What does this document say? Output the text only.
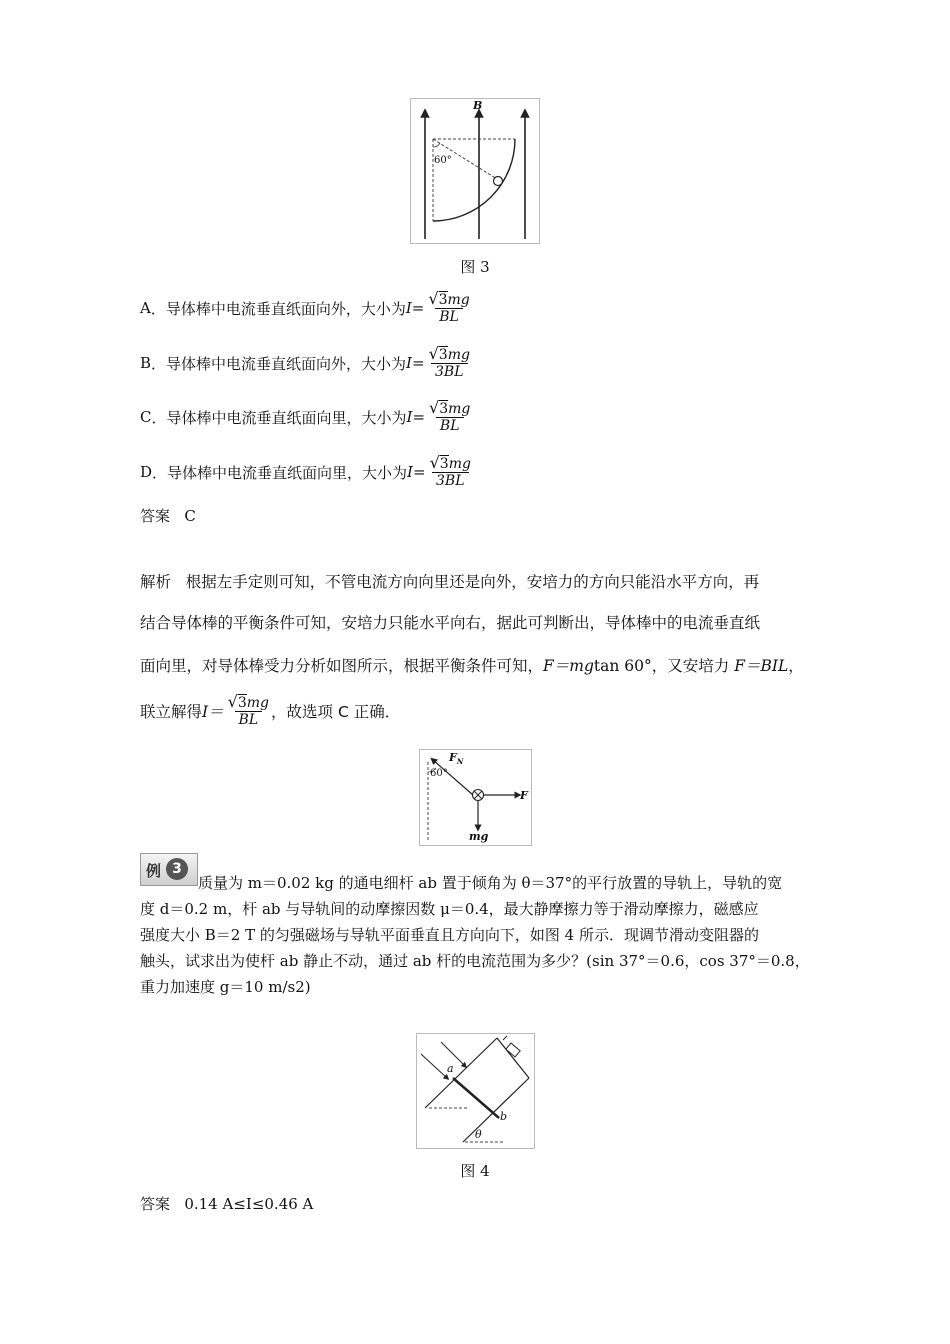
B
60°
图 3
A ．导体棒中电流垂直纸面向外，大小为 $I = \frac{√ 3 mg}{BL}$
B ．导体棒中电流垂直纸面向外，大小为 $I = \frac{√ 3 mg}{3BL}$
C ．导体棒中电流垂直纸面向里，大小为 $I = \frac{√ 3 mg}{BL}$
D ．导体棒中电流垂直纸面向里，大小为 $I = \frac{√ 3 mg}{3BL}$
答案 C
解析 根据左手定则可知，不管电流方向向里还是向外，安培力的方向只能沿水平方向，再
结合导体棒的平衡条件可知，安培力只能水平向右，据此可判断出，导体棒中的电流垂直纸
面向里，对导体棒受力分析如图所示，根据平衡条件可知，F＝mgtan 60°，又安培力 F＝BIL，
联立解得 $I= \frac{√ 3 mg}{BL}$ ，故选项 C 正确．
$F_N$
60°
F
mg
例 3
质量为 m＝0.02 kg 的通电细杆 ab 置于倾角为 θ＝37°的平行放置的导轨上，导轨的宽
度 d＝0.2 m，杆 ab 与导轨间的动摩擦因数 μ＝0.4，最大静摩擦力等于滑动摩擦力，磁感应
强度大小 B＝2 T 的匀强磁场与导轨平面垂直且方向向下，如图 4 所示．现调节滑动变阻器的
触头，试求出为使杆 ab 静止不动，通过 ab 杆的电流范围为多少？(sin 37°＝0.6，cos 37°＝0.8，
重力加速度 g＝10 m/s2)
a
b
θ
图 4
答案 0.14 A≤I≤0.46 A
